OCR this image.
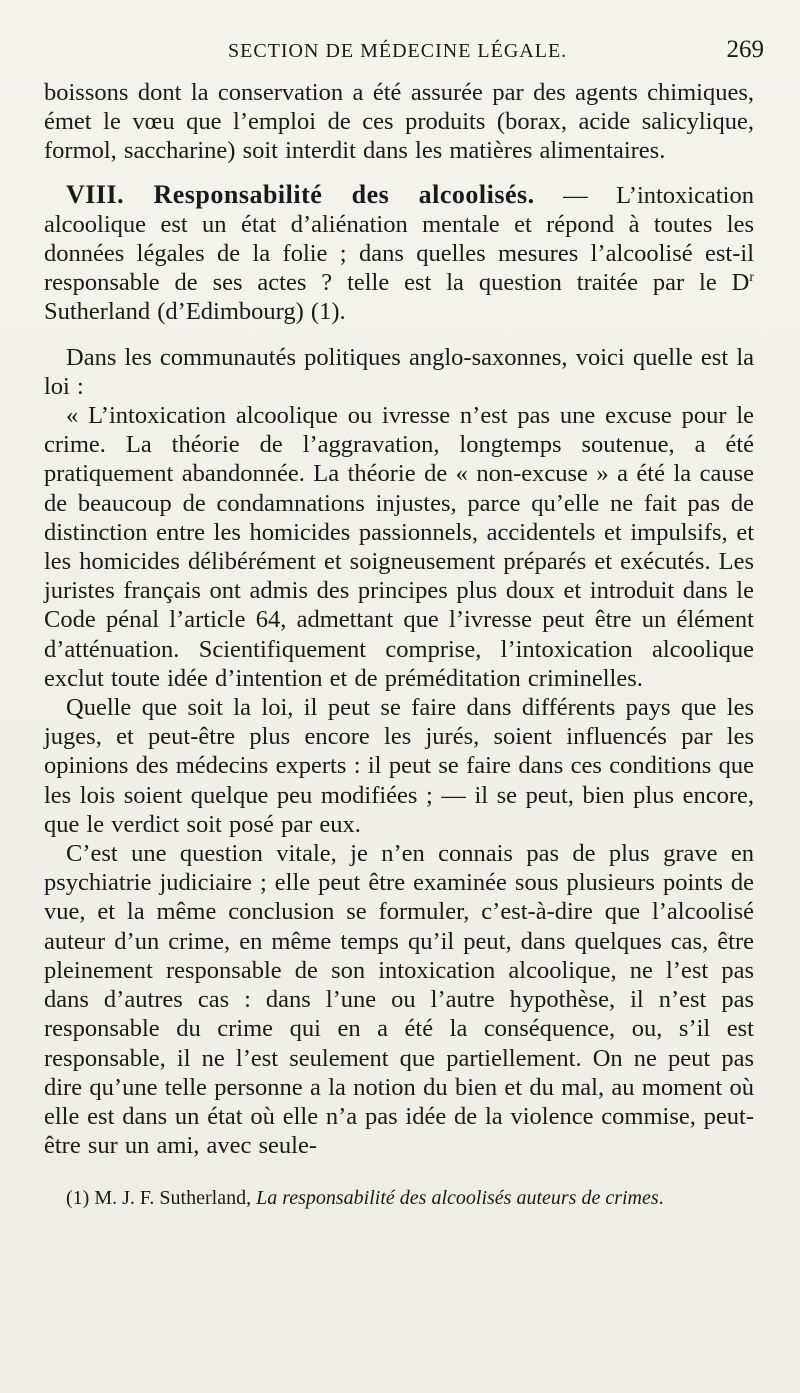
SECTION DE MÉDECINE LÉGALE.	269

boissons dont la conservation a été assurée par des agents chimiques, émet le vœu que l’emploi de ces produits (borax, acide salicylique, formol, saccharine) soit interdit dans les matières alimentaires.

VIII. Responsabilité des alcoolisés. — L’intoxication alcoolique est un état d’aliénation mentale et répond à toutes les données légales de la folie ; dans quelles mesures l’alcoolisé est-il responsable de ses actes ? telle est la question traitée par le $D^r$ Sutherland (d’Edimbourg) (1).

Dans les communautés politiques anglo-saxonnes, voici quelle est la loi :

« L’intoxication alcoolique ou ivresse n’est pas une excuse pour le crime. La théorie de l’aggravation, longtemps soutenue, a été pratiquement abandonnée. La théorie de « non-excuse » a été la cause de beaucoup de condamnations injustes, parce qu’elle ne fait pas de distinction entre les homicides passionnels, accidentels et impulsifs, et les homicides délibérément et soigneusement préparés et exécutés. Les juristes français ont admis des principes plus doux et introduit dans le Code pénal l’article 64, admettant que l’ivresse peut être un élément d’atténuation. Scientifiquement comprise, l’intoxication alcoolique exclut toute idée d’intention et de préméditation criminelles.

Quelle que soit la loi, il peut se faire dans différents pays que les juges, et peut-être plus encore les jurés, soient influencés par les opinions des médecins experts : il peut se faire dans ces conditions que les lois soient quelque peu modifiées ; — il se peut, bien plus encore, que le verdict soit posé par eux.

C’est une question vitale, je n’en connais pas de plus grave en psychiatrie judiciaire ; elle peut être examinée sous plusieurs points de vue, et la même conclusion se formuler, c’est-à-dire que l’alcoolisé auteur d’un crime, en même temps qu’il peut, dans quelques cas, être pleinement responsable de son intoxication alcoolique, ne l’est pas dans d’autres cas : dans l’une ou l’autre hypothèse, il n’est pas responsable du crime qui en a été la conséquence, ou, s’il est responsable, il ne l’est seulement que partiellement. On ne peut pas dire qu’une telle personne a la notion du bien et du mal, au moment où elle est dans un état où elle n’a pas idée de la violence commise, peut-être sur un ami, avec seule-

(1) M. J. F. Sutherland, La responsabilité des alcoolisés auteurs de crimes.
